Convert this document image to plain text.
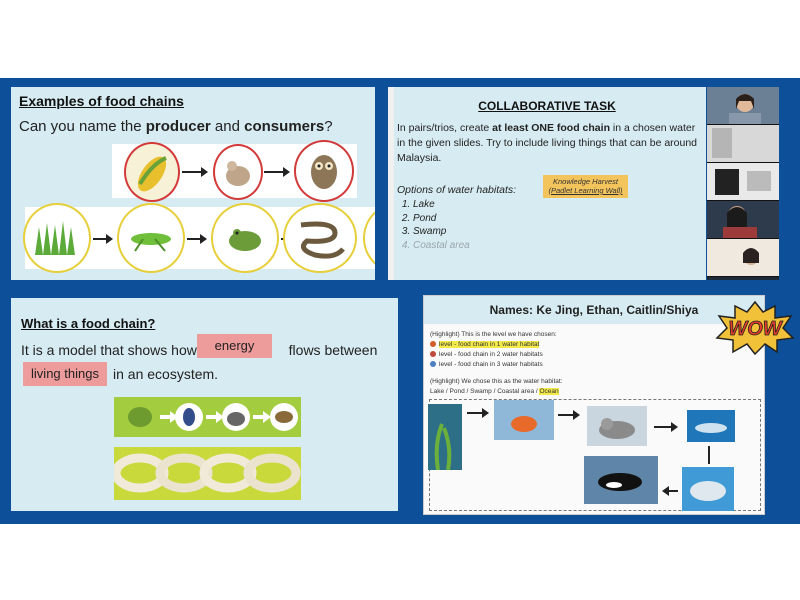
Examples of food chains
Can you name the producer and consumers?
COLLABORATIVE TASK
In pairs/trios, create at least ONE food chain in a chosen water in the given slides. Try to include living things that can be around Malaysia.
Options of water habitats:
1. Lake
2. Pond
3. Swamp
4. Coastal area
Knowledge Harvest
(Padlet Learning Wall)
What is a food chain?
It is a model that shows how	flows between
energy
living things	in an ecosystem.
Names: Ke Jing, Ethan, Caitlin/Shiya
(Highlight) This is the level we have chosen:
level - food chain in 1 water habitat
level - food chain in 2 water habitats
level - food chain in 3 water habitats
(Highlight) We chose this as the water habitat:
Lake / Pond / Swamp / Coastal area / Ocean
WOW
